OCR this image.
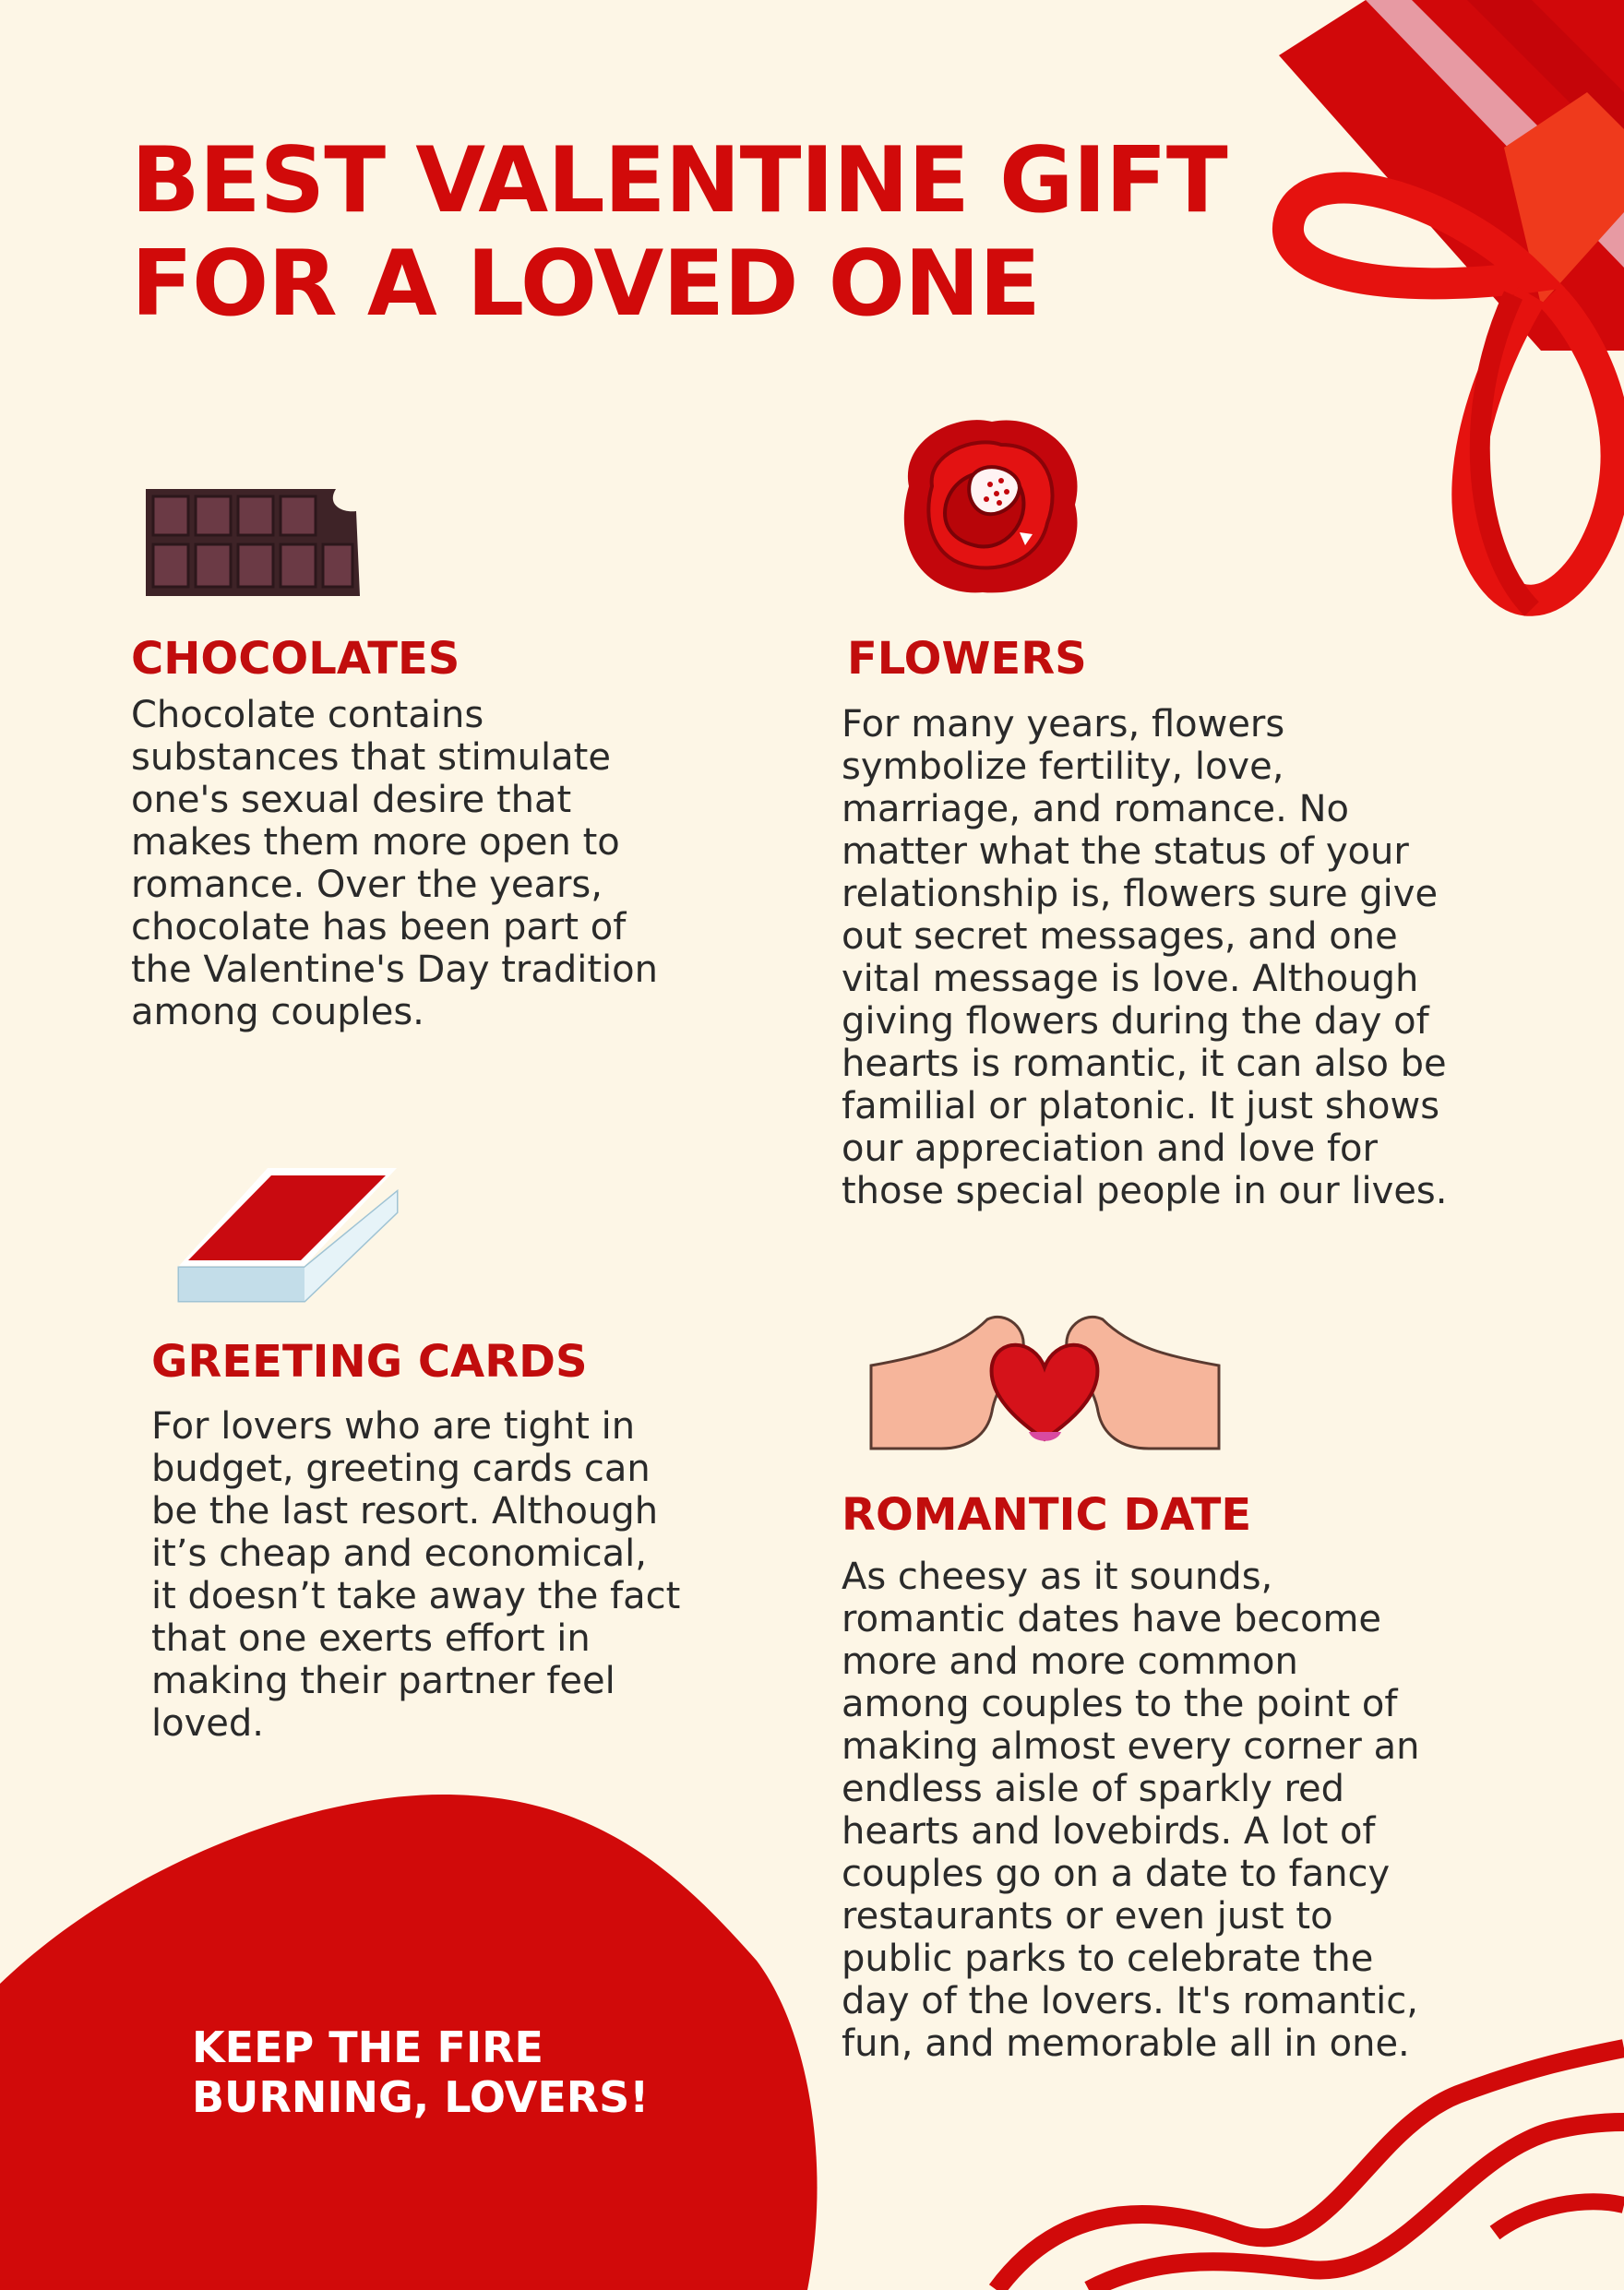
BEST VALENTINE GIFT
FOR A LOVED ONE
CHOCOLATES
Chocolate contains
substances that stimulate
one's sexual desire that
makes them more open to
romance. Over the years,
chocolate has been part of
the Valentine's Day tradition
among couples.
FLOWERS
For many years, flowers
symbolize fertility, love,
marriage, and romance. No
matter what the status of your
relationship is, flowers sure give
out secret messages, and one
vital message is love. Although
giving flowers during the day of
hearts is romantic, it can also be
familial or platonic. It just shows
our appreciation and love for
those special people in our lives.
GREETING CARDS
For lovers who are tight in
budget, greeting cards can
be the last resort. Although
it’s cheap and economical,
it doesn’t take away the fact
that one exerts effort in
making their partner feel
loved.
ROMANTIC DATE
As cheesy as it sounds,
romantic dates have become
more and more common
among couples to the point of
making almost every corner an
endless aisle of sparkly red
hearts and lovebirds. A lot of
couples go on a date to fancy
restaurants or even just to
public parks to celebrate the
day of the lovers. It's romantic,
fun, and memorable all in one.
KEEP THE FIRE
BURNING, LOVERS!
